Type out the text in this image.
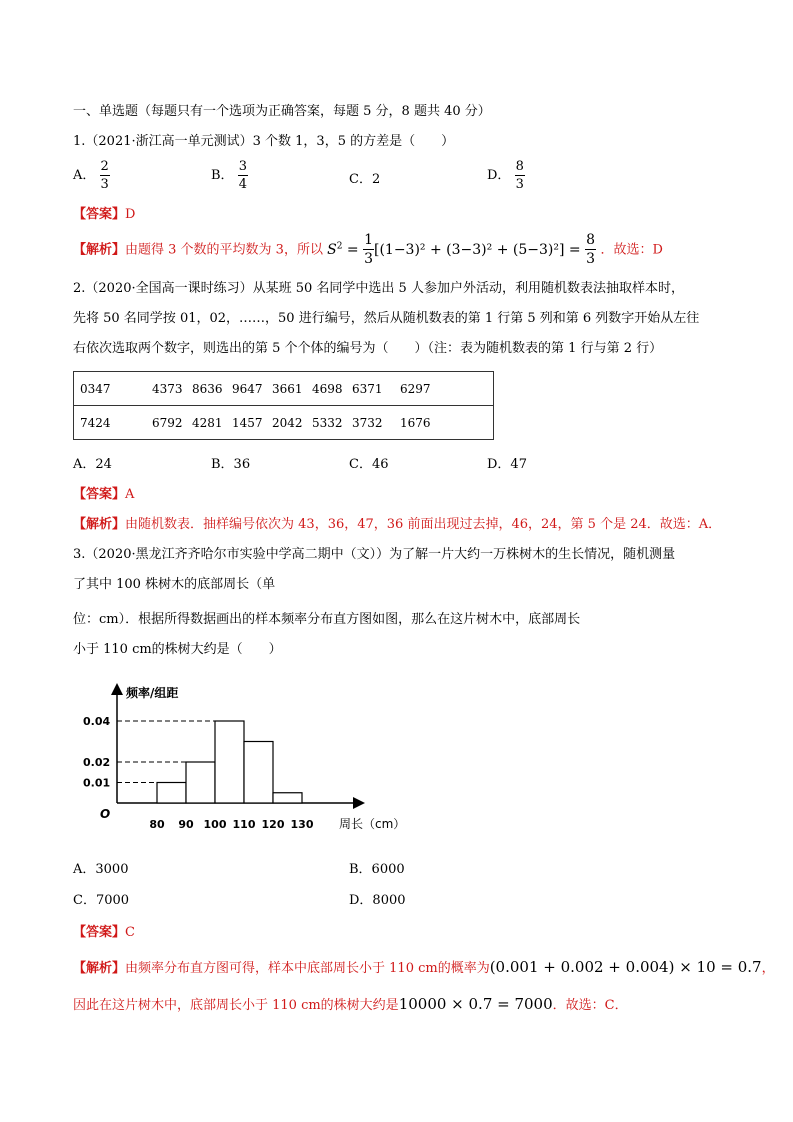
一、单选题（每题只有一个选项为正确答案，每题 5 分，8 题共 40 分）
1.（2021·浙江高一单元测试）3 个数 1，3，5 的方差是（　　）
A． $\frac{2}{3}$	B． $\frac{3}{4}$	C．2	D． $\frac{8}{3}$
【答案】D
【解析】由题得 3 个数的平均数为 3，所以 $S^2 = \frac{1}{3} [(1-3)^2 + (3-3)^2 + (5-3)^2] = \frac{8}{3}$ ．故选：D
2.（2020·全国高一课时练习）从某班 50 名同学中选出 5 人参加户外活动，利用随机数表法抽取样本时，
先将 50 名同学按 01，02，……，50 进行编号，然后从随机数表的第 1 行第 5 列和第 6 列数字开始从左往
右依次选取两个数字，则选出的第 5 个个体的编号为（　　）（注：表为随机数表的第 1 行与第 2 行）
0347	4373 8636 9647 3661 4698 6371 6297
7424	6792 4281 1457 2042 5332 3732 1676
A．24	B．36	C．46	D．47
【答案】A
【解析】由随机数表．抽样编号依次为 43，36，47，36 前面出现过去掉，46，24，第 5 个是 24．故选：A．
3.（2020·黑龙江齐齐哈尔市实验中学高二期中（文））为了解一片大约一万株树木的生长情况，随机测量
了其中 100 株树木的底部周长（单
位：cm）．根据所得数据画出的样本频率分布直方图如图，那么在这片树木中，底部周长
小于 110 cm的株树大约是（　　）
频率/组距
周长（cm）
O
0.04
0.02
0.01
80 90 100 110 120 130
A．3000	B．6000
C．7000	D．8000
【答案】C
【解析】由频率分布直方图可得，样本中底部周长小于 110 cm的概率为(0.001 + 0.002 + 0.004) × 10 = 0.7，
因此在这片树木中，底部周长小于 110 cm的株树大约是10000 × 0.7 = 7000．故选：C．
